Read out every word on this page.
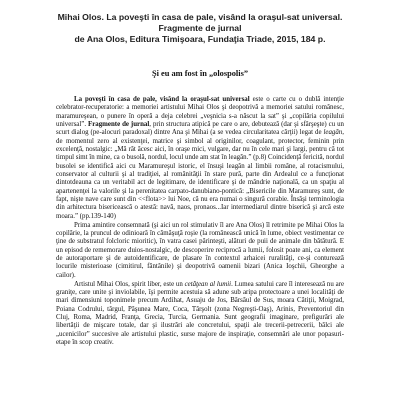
Mihai Olos. La poveşti în casa de pale, visând la oraşul-sat universal.
Fragmente de jurnal
de Ana Olos, Editura Timişoara, Fundaţia Triade, 2015, 184 p.
Şi eu am fost în „olospolis”

La poveşti în casa de pale, visând la oraşul-sat universal este o carte cu o dublă intenţie celebrator-recuperatorie: a memoriei artistului Mihai Olos şi deopotrivă a memoriei satului românesc, maramureşean, o punere în operă a deja celebrei „veşnicia s-a născut la sat” şi „copilăria copilului universal”. Fragmente de jurnal, prin structura atipică pe care o are, debutează (dar şi sfârşeşte) cu un scurt dialog (pe-alocuri paradoxal) dintre Ana şi Mihai (a se vedea circularitatea cărţii) legat de leagăn, de momentul zero al existenţei, matrice şi simbol al originilor, coagulant, protector, feminin prin excelenţă, nostalgic: „Mă răt ăcesc aici, în oraşe mici, vulgare, dar nu în cele mari şi largi, pentru că tot timpul simt în mine, ca o busolă, nordul, locul unde am stat în leagăn.” (p.8) Coincidenţă fericită, nordul busolei se identifică aici cu Maramureşul istoric, el însuşi leagăn al limbii române, al rotacismului, conservator al culturii şi al tradiţiei, al românităţii în stare pură, parte din Ardealul ce a funcţionat dintotdeauna ca un veritabil act de legitimare, de identificare şi de mândrie naţională, ca un spaţiu al apartenenţei la valorile şi la perenitatea carpato-danubiano-pontică: „Bisericile din Maramureş sunt, de fapt, nişte nave care sunt din <<flota>> lui Noe, că nu era numai o singură corabie. Însăşi terminologia din arhitectura bisericească o atestă: navă, naos, pronaos...Iar intermediarul dintre biserică şi arcă este moara.” (pp.139-140)

Prima amintire consemnată (şi aici un rol stimulativ îl are Ana Olos) îl retrimite pe Mihai Olos la copilărie, la pruncul de odinioară în cămăşuţă roşie (la românească unică în lume, obiect vestimentar ce ţine de substratul folcloric mioritic), în vatra casei părinteşti, alături de puii de animale din bătătură. E un episod de rememorare duios-nostalgic, de descoperire reciprocă a lumii, folosit poate ani, ca element de autoraportare şi de autoidentificare, de plasare în contextul arhaicei ruralităţi, ce-şi conturează locurile misterioase (cimitirul, fântânile) şi deopotrivă oamenii bizari (Anica Ioşchii, Gheorghe a cailor).

Artistul Mihai Olos, spirit liber, este un cetăţean al lumii. Lumea satului care îl interesează nu are graniţe, care unite şi inviolabile, îşi permite acestuia să adune sub aripa protectoare a unei localităţi de mari dimensiuni toponimele precum Ardihat, Asuaju de Jos, Bârsăul de Sus, moara Cătiţii, Moigrad, Poiana Codrului, târgul, Păşunea Mare, Coca, Târşolt (zona Negreşti-Oaş), Arinis, Preventoriul din Cluj, Roma, Madrid, Franţa, Grecia, Turcia, Germania. Sunt geografii imaginare, prefigurări ale libertăţii de mişcare totale, dar şi ilustrări ale concretului, spaţii ale trecerii-petrecerii, bâlci ale „ucenicilor” succesive ale artistului plastic, surse majore de inspiraţie, consemnări ale unor popasuri-etape în scop creativ.
